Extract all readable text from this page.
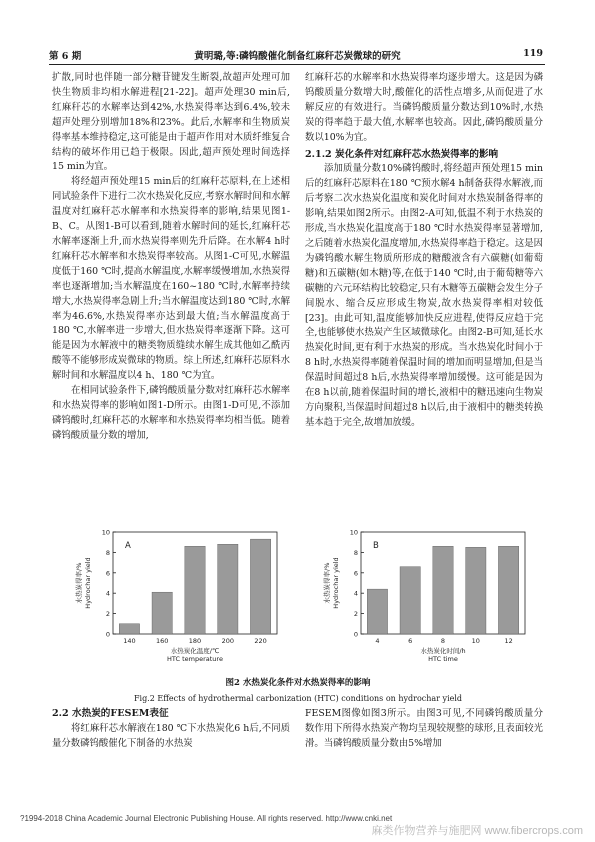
第 6 期	黄明璐,等:磷钨酸催化制备红麻秆芯炭微球的研究	119

扩散,同时也伴随一部分糖苷键发生断裂,故超声处理可加快生物质非均相水解进程[21-22]。超声处理30 min后,红麻秆芯的水解率达到42%,水热炭得率达到6.4%,较未超声处理分别增加18%和23%。此后,水解率和生物质炭得率基本维持稳定,这可能是由于超声作用对木质纤维复合结构的破坏作用已趋于极限。因此,超声预处理时间选择15 min为宜。

将经超声预处理15 min后的红麻秆芯原料,在上述相同试验条件下进行二次水热炭化反应,考察水解时间和水解温度对红麻秆芯水解率和水热炭得率的影响,结果见图1-B、C。从图1-B可以看到,随着水解时间的延长,红麻秆芯水解率逐渐上升,而水热炭得率则先升后降。在水解4 h时红麻秆芯水解率和水热炭得率较高。从图1-C可见,水解温度低于160 ℃时,提高水解温度,水解率缓慢增加,水热炭得率也逐渐增加;当水解温度在160~180 ℃时,水解率持续增大,水热炭得率急剧上升;当水解温度达到180 ℃时,水解率为46.6%,水热炭得率亦达到最大值;当水解温度高于180 ℃,水解率进一步增大,但水热炭得率逐渐下降。这可能是因为水解液中的糖类物质缝续水解生成其他如乙酰丙酸等不能够形成炭微球的物质。综上所述,红麻秆芯原料水解时间和水解温度以4 h、180 ℃为宜。

在相同试验条件下,磷钨酸质量分数对红麻秆芯水解率和水热炭得率的影响如图1-D所示。由图1-D可见,不添加磷钨酸时,红麻秆芯的水解率和水热炭得率均相当低。随着磷钨酸质量分数的增加,

红麻秆芯的水解率和水热炭得率均逐步增大。这是因为磷钨酸质量分数增大时,酸催化的活性点增多,从而促进了水解反应的有效进行。当磷钨酸质量分数达到10%时,水热炭的得率趋于最大值,水解率也较高。因此,磷钨酸质量分数以10%为宜。

2.1.2 炭化条件对红麻秆芯水热炭得率的影响

添加质量分数10%磷钨酸时,将经超声预处理15 min后的红麻秆芯原料在180 ℃预水解4 h制备获得水解液,而后考察二次水热炭化温度和炭化时间对水热炭制备得率的影响,结果如图2所示。由图2-A可知,低温不利于水热炭的形成,当水热炭化温度高于180 ℃时水热炭得率显著增加,之后随着水热炭化温度增加,水热炭得率趋于稳定。这是因为磷钨酸水解生物质所形成的糖酸液含有六碳糖(如葡萄糖)和五碳糖(如木糖)等,在低于140 ℃时,由于葡萄糖等六碳糖的六元环结构比较稳定,只有木糖等五碳糖会发生分子间脱水、缩合反应形成生物炭,故水热炭得率相对较低[23]。由此可知,温度能够加快反应进程,使得反应趋于完全,也能够使水热炭产生区域微球化。由图2-B可知,延长水热炭化时间,更有利于水热炭的形成。当水热炭化时间小于8 h时,水热炭得率随着保温时间的增加而明显增加,但是当保温时间超过8 h后,水热炭得率增加缓慢。这可能是因为在8 h以前,随着保温时间的增长,液相中的糖迅速向生物炭方向聚积,当保温时间超过8 h以后,由于液相中的糖类转换基本趋于完全,故增加放缓。

0
2
4
6
8
10
140	160	180	200	220
A
水热炭化温度/℃
HTC temperature
水热炭得率/% Hydrochar yield
0
2
4
6
8
10
4	6	8	10	12
B
水热炭化时间/h
HTC time
水热炭得率/% Hydrochar yield
图2 水热炭化条件对水热炭得率的影响
Fig.2 Effects of hydrothermal carbonization (HTC) conditions on hydrochar yield

2.2 水热炭的FESEM表征

将红麻秆芯水解液在180 ℃下水热炭化6 h后,不同质量分数磷钨酸催化下制备的水热炭

FESEM图像如图3所示。由图3可见,不同磷钨酸质量分数作用下所得水热炭产物均呈现较规整的球形,且表面较光滑。当磷钨酸质量分数由5%增加

?1994-2018 China Academic Journal Electronic Publishing House. All rights reserved. http://www.cnki.net
麻类作物营养与施肥网 www.fibercrops.com
